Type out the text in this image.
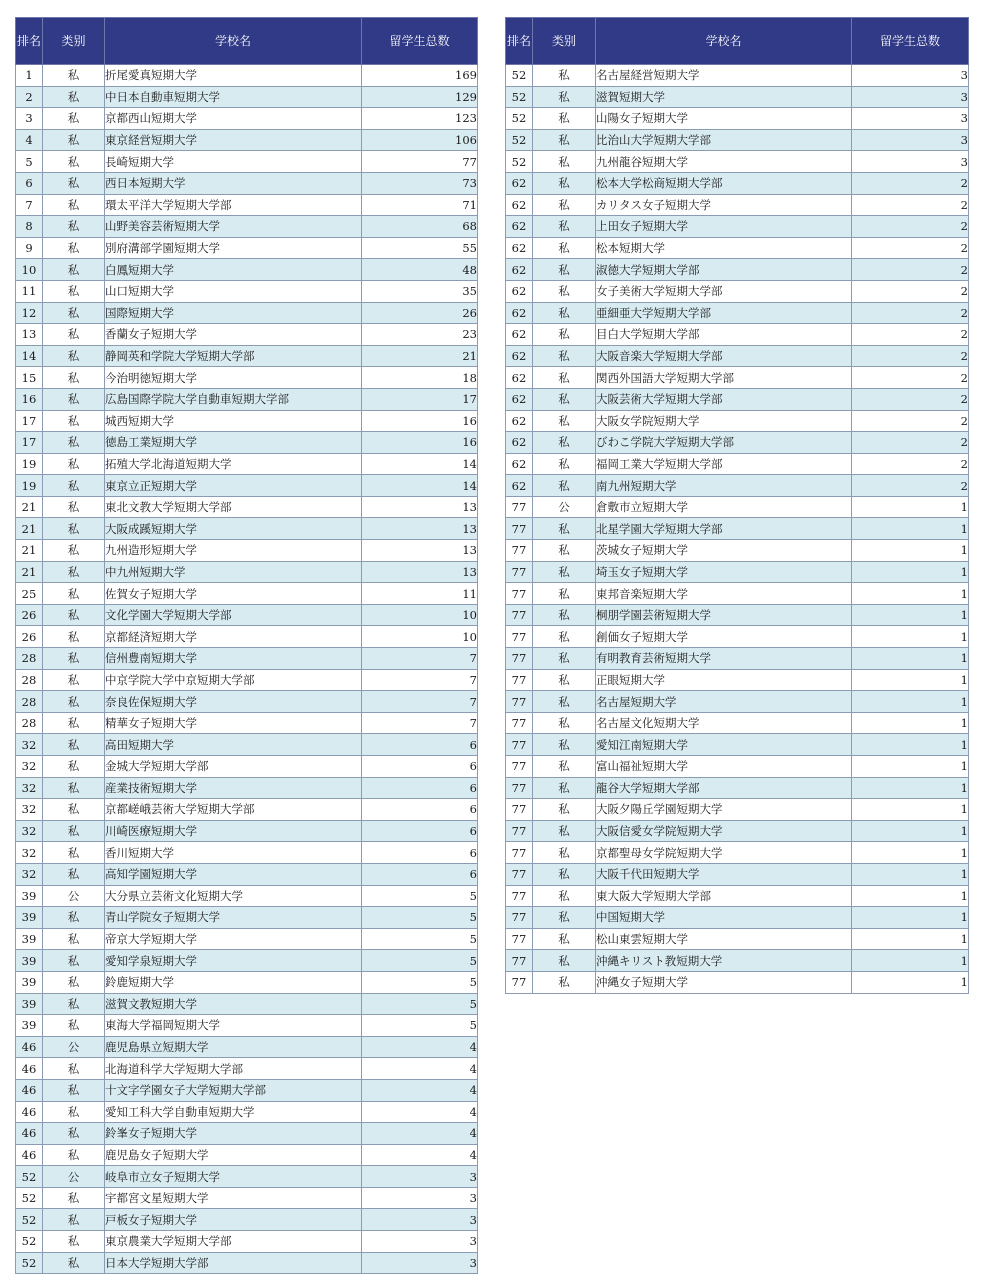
排名	类别	学校名	留学生总数
1	私	折尾愛真短期大学	169
2	私	中日本自動車短期大学	129
3	私	京都西山短期大学	123
4	私	東京経営短期大学	106
5	私	長崎短期大学	77
6	私	西日本短期大学	73
7	私	環太平洋大学短期大学部	71
8	私	山野美容芸術短期大学	68
9	私	別府溝部学園短期大学	55
10	私	白鳳短期大学	48
11	私	山口短期大学	35
12	私	国際短期大学	26
13	私	香蘭女子短期大学	23
14	私	静岡英和学院大学短期大学部	21
15	私	今治明徳短期大学	18
16	私	広島国際学院大学自動車短期大学部	17
17	私	城西短期大学	16
17	私	徳島工業短期大学	16
19	私	拓殖大学北海道短期大学	14
19	私	東京立正短期大学	14
21	私	東北文教大学短期大学部	13
21	私	大阪成蹊短期大学	13
21	私	九州造形短期大学	13
21	私	中九州短期大学	13
25	私	佐賀女子短期大学	11
26	私	文化学園大学短期大学部	10
26	私	京都経済短期大学	10
28	私	信州豊南短期大学	7
28	私	中京学院大学中京短期大学部	7
28	私	奈良佐保短期大学	7
28	私	精華女子短期大学	7
32	私	高田短期大学	6
32	私	金城大学短期大学部	6
32	私	産業技術短期大学	6
32	私	京都嵯峨芸術大学短期大学部	6
32	私	川崎医療短期大学	6
32	私	香川短期大学	6
32	私	高知学園短期大学	6
39	公	大分県立芸術文化短期大学	5
39	私	青山学院女子短期大学	5
39	私	帝京大学短期大学	5
39	私	愛知学泉短期大学	5
39	私	鈴鹿短期大学	5
39	私	滋賀文教短期大学	5
39	私	東海大学福岡短期大学	5
46	公	鹿児島県立短期大学	4
46	私	北海道科学大学短期大学部	4
46	私	十文字学園女子大学短期大学部	4
46	私	愛知工科大学自動車短期大学	4
46	私	鈴峯女子短期大学	4
46	私	鹿児島女子短期大学	4
52	公	岐阜市立女子短期大学	3
52	私	宇都宮文星短期大学	3
52	私	戸板女子短期大学	3
52	私	東京農業大学短期大学部	3
52	私	日本大学短期大学部	3
排名	类别	学校名	留学生总数
52	私	名古屋経営短期大学	3
52	私	滋賀短期大学	3
52	私	山陽女子短期大学	3
52	私	比治山大学短期大学部	3
52	私	九州龍谷短期大学	3
62	私	松本大学松商短期大学部	2
62	私	カリタス女子短期大学	2
62	私	上田女子短期大学	2
62	私	松本短期大学	2
62	私	淑徳大学短期大学部	2
62	私	女子美術大学短期大学部	2
62	私	亜細亜大学短期大学部	2
62	私	目白大学短期大学部	2
62	私	大阪音楽大学短期大学部	2
62	私	関西外国語大学短期大学部	2
62	私	大阪芸術大学短期大学部	2
62	私	大阪女学院短期大学	2
62	私	びわこ学院大学短期大学部	2
62	私	福岡工業大学短期大学部	2
62	私	南九州短期大学	2
77	公	倉敷市立短期大学	1
77	私	北星学園大学短期大学部	1
77	私	茨城女子短期大学	1
77	私	埼玉女子短期大学	1
77	私	東邦音楽短期大学	1
77	私	桐朋学園芸術短期大学	1
77	私	創価女子短期大学	1
77	私	有明教育芸術短期大学	1
77	私	正眼短期大学	1
77	私	名古屋短期大学	1
77	私	名古屋文化短期大学	1
77	私	愛知江南短期大学	1
77	私	富山福祉短期大学	1
77	私	龍谷大学短期大学部	1
77	私	大阪夕陽丘学園短期大学	1
77	私	大阪信愛女学院短期大学	1
77	私	京都聖母女学院短期大学	1
77	私	大阪千代田短期大学	1
77	私	東大阪大学短期大学部	1
77	私	中国短期大学	1
77	私	松山東雲短期大学	1
77	私	沖縄キリスト教短期大学	1
77	私	沖縄女子短期大学	1
